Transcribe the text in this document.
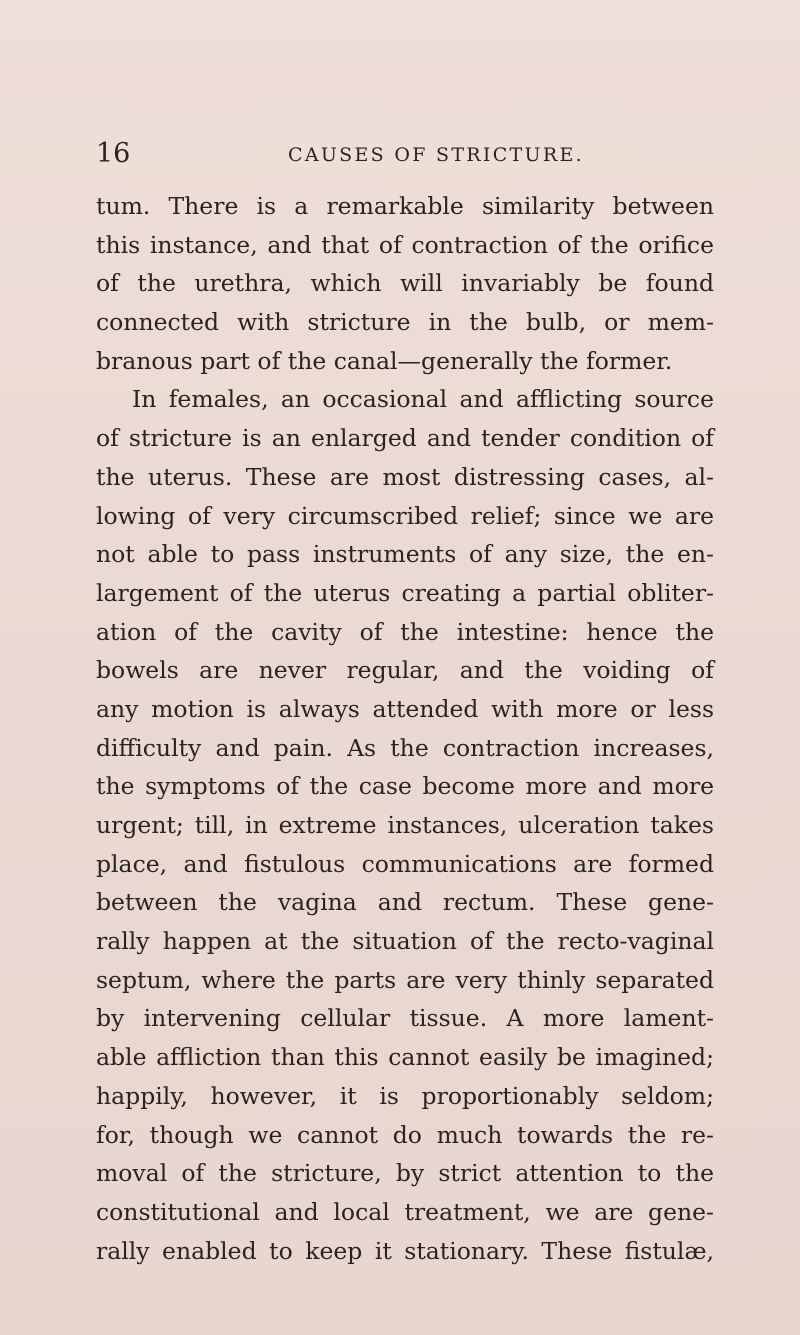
16	CAUSES OF STRICTURE.
tum. There is a remarkable similarity between
this instance, and that of contraction of the orifice
of the urethra, which will invariably be found
connected with stricture in the bulb, or mem-
branous part of the canal—generally the former.
In females, an occasional and afflicting source
of stricture is an enlarged and tender condition of
the uterus. These are most distressing cases, al-
lowing of very circumscribed relief; since we are
not able to pass instruments of any size, the en-
largement of the uterus creating a partial obliter-
ation of the cavity of the intestine: hence the
bowels are never regular, and the voiding of
any motion is always attended with more or less
difficulty and pain. As the contraction increases,
the symptoms of the case become more and more
urgent; till, in extreme instances, ulceration takes
place, and fistulous communications are formed
between the vagina and rectum. These gene-
rally happen at the situation of the recto-vaginal
septum, where the parts are very thinly separated
by intervening cellular tissue. A more lament-
able affliction than this cannot easily be imagined;
happily, however, it is proportionably seldom;
for, though we cannot do much towards the re-
moval of the stricture, by strict attention to the
constitutional and local treatment, we are gene-
rally enabled to keep it stationary. These fistulæ,
